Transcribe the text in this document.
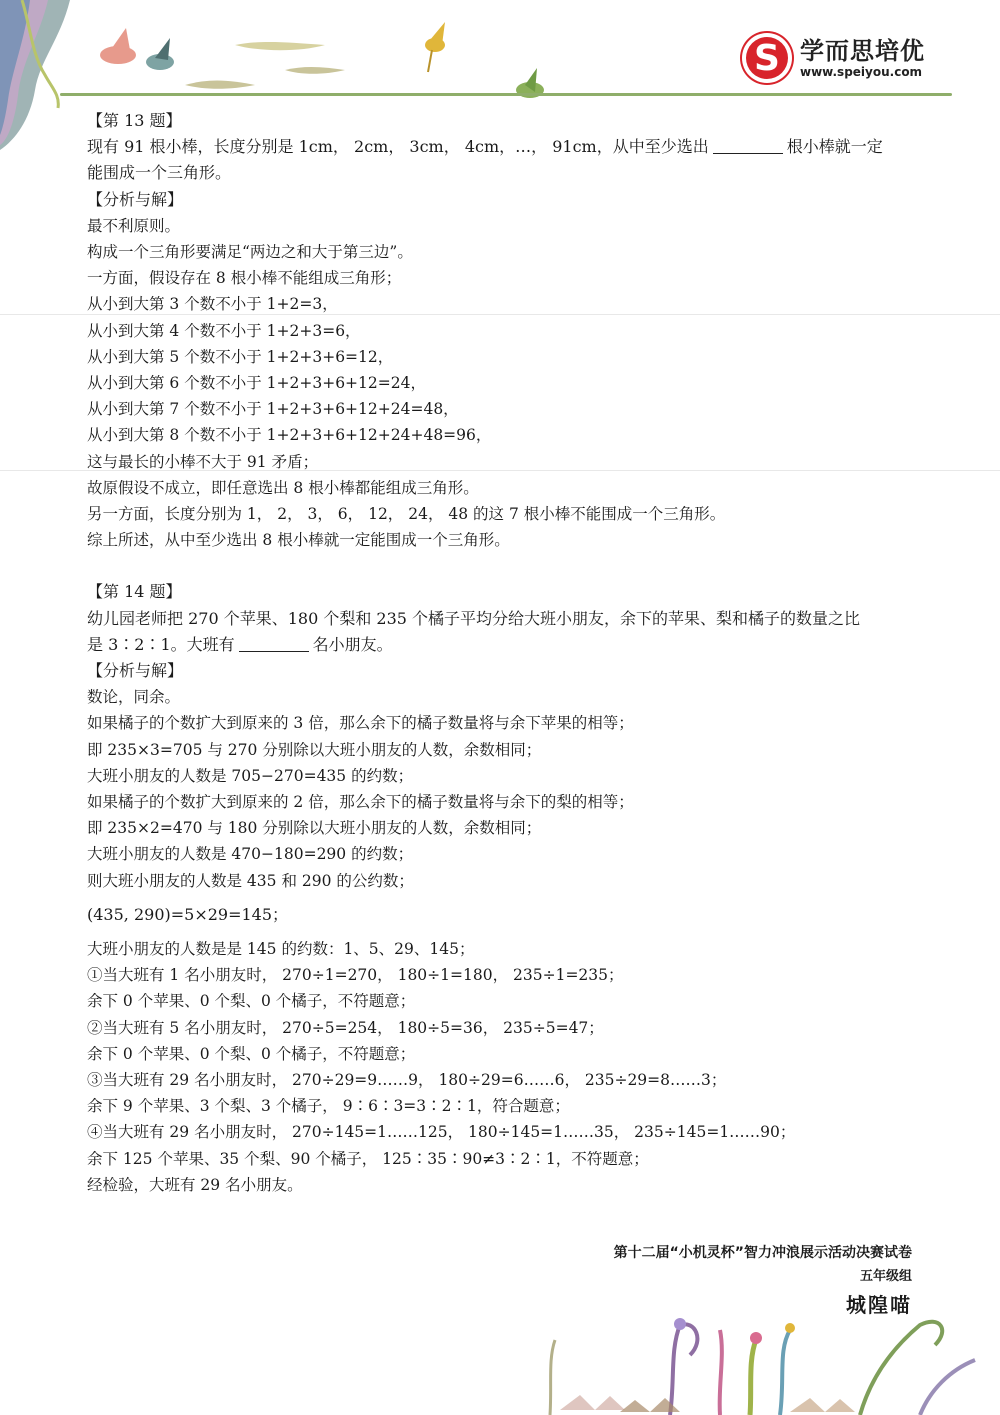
S 学而思培优
www.speiyou.com
【第 13 题】
现有 91 根小棒，长度分别是 1cm， 2cm， 3cm， 4cm，…， 91cm，从中至少选出	根小棒就一定
能围成一个三角形。
【分析与解】
最不利原则。
构成一个三角形要满足“两边之和大于第三边”。
一方面，假设存在 8 根小棒不能组成三角形；
从小到大第 3 个数不小于 1+2=3，
从小到大第 4 个数不小于 1+2+3=6，
从小到大第 5 个数不小于 1+2+3+6=12，
从小到大第 6 个数不小于 1+2+3+6+12=24，
从小到大第 7 个数不小于 1+2+3+6+12+24=48，
从小到大第 8 个数不小于 1+2+3+6+12+24+48=96，
这与最长的小棒不大于 91 矛盾；
故原假设不成立，即任意选出 8 根小棒都能组成三角形。
另一方面，长度分别为 1， 2， 3， 6， 12， 24， 48 的这 7 根小棒不能围成一个三角形。
综上所述，从中至少选出 8 根小棒就一定能围成一个三角形。
【第 14 题】
幼儿园老师把 270 个苹果、180 个梨和 235 个橘子平均分给大班小朋友，余下的苹果、梨和橘子的数量之比
是 3∶2∶1。大班有	名小朋友。
【分析与解】
数论，同余。
如果橘子的个数扩大到原来的 3 倍，那么余下的橘子数量将与余下苹果的相等；
即 235×3=705 与 270 分别除以大班小朋友的人数，余数相同；
大班小朋友的人数是 705−270=435 的约数；
如果橘子的个数扩大到原来的 2 倍，那么余下的橘子数量将与余下的梨的相等；
即 235×2=470 与 180 分别除以大班小朋友的人数，余数相同；
大班小朋友的人数是 470−180=290 的约数；
则大班小朋友的人数是 435 和 290 的公约数；
(435, 290)=5×29=145；
大班小朋友的人数是是 145 的约数：1、5、29、145；
①当大班有 1 名小朋友时， 270÷1=270， 180÷1=180， 235÷1=235；
余下 0 个苹果、0 个梨、0 个橘子，不符题意；
②当大班有 5 名小朋友时， 270÷5=254， 180÷5=36， 235÷5=47；
余下 0 个苹果、0 个梨、0 个橘子，不符题意；
③当大班有 29 名小朋友时， 270÷29=9……9， 180÷29=6……6， 235÷29=8……3；
余下 9 个苹果、3 个梨、3 个橘子， 9∶6∶3=3∶2∶1，符合题意；
④当大班有 29 名小朋友时， 270÷145=1……125， 180÷145=1……35， 235÷145=1……90；
余下 125 个苹果、35 个梨、90 个橘子， 125∶35∶90≠3∶2∶1，不符题意；
经检验，大班有 29 名小朋友。
第十二届“小机灵杯”智力冲浪展示活动决赛试卷
五年级组
城隍喵
